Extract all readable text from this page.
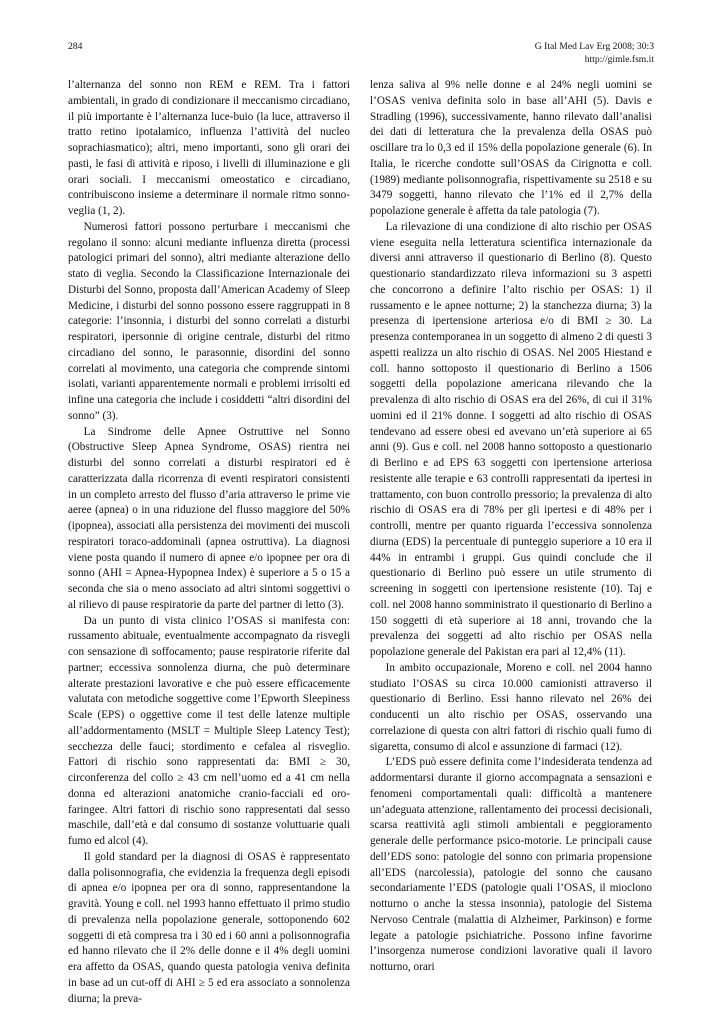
284	G Ital Med Lav Erg 2008; 30:3
http://gimle.fsm.it

l’alternanza del sonno non REM e REM. Tra i fattori ambientali, in grado di condizionare il meccanismo circadiano, il più importante è l’alternanza luce-buio (la luce, attraverso il tratto retino ipotalamico, influenza l’attività del nucleo soprachiasmatico); altri, meno importanti, sono gli orari dei pasti, le fasi di attività e riposo, i livelli di illuminazione e gli orari sociali. I meccanismi omeostatico e circadiano, contribuiscono insieme a determinare il normale ritmo sonno-veglia (1, 2).

Numerosi fattori possono perturbare i meccanismi che regolano il sonno: alcuni mediante influenza diretta (processi patologici primari del sonno), altri mediante alterazione dello stato di veglia. Secondo la Classificazione Internazionale dei Disturbi del Sonno, proposta dall’American Academy of Sleep Medicine, i disturbi del sonno possono essere raggruppati in 8 categorie: l’insonnia, i disturbi del sonno correlati a disturbi respiratori, ipersonnie di origine centrale, disturbi del ritmo circadiano del sonno, le parasonnie, disordini del sonno correlati al movimento, una categoria che comprende sintomi isolati, varianti apparentemente normali e problemi irrisolti ed infine una categoria che include i cosiddetti “altri disordini del sonno” (3).

La Sindrome delle Apnee Ostruttive nel Sonno (Obstructive Sleep Apnea Syndrome, OSAS) rientra nei disturbi del sonno correlati a disturbi respiratori ed è caratterizzata dalla ricorrenza di eventi respiratori consistenti in un completo arresto del flusso d’aria attraverso le prime vie aeree (apnea) o in una riduzione del flusso maggiore del 50% (ipopnea), associati alla persistenza dei movimenti dei muscoli respiratori toraco-addominali (apnea ostruttiva). La diagnosi viene posta quando il numero di apnee e/o ipopnee per ora di sonno (AHI = Apnea-Hypopnea Index) è superiore a 5 o 15 a seconda che sia o meno associato ad altri sintomi soggettivi o al rilievo di pause respiratorie da parte del partner di letto (3).

Da un punto di vista clinico l’OSAS si manifesta con: russamento abituale, eventualmente accompagnato da risvegli con sensazione di soffocamento; pause respiratorie riferite dal partner; eccessiva sonnolenza diurna, che può determinare alterate prestazioni lavorative e che può essere efficacemente valutata con metodiche soggettive come l’Epworth Sleepiness Scale (EPS) o oggettive come il test delle latenze multiple all’addormentamento (MSLT = Multiple Sleep Latency Test); secchezza delle fauci; stordimento e cefalea al risveglio. Fattori di rischio sono rappresentati da: BMI ≥ 30, circonferenza del collo ≥ 43 cm nell’uomo ed a 41 cm nella donna ed alterazioni anatomiche cranio-facciali ed oro-faringee. Altri fattori di rischio sono rappresentati dal sesso maschile, dall’età e dal consumo di sostanze voluttuarie quali fumo ed alcol (4).

Il gold standard per la diagnosi di OSAS è rappresentato dalla polisonnografia, che evidenzia la frequenza degli episodi di apnea e/o ipopnea per ora di sonno, rappresentandone la gravità. Young e coll. nel 1993 hanno effettuato il primo studio di prevalenza nella popolazione generale, sottoponendo 602 soggetti di età compresa tra i 30 ed i 60 anni a polisonnografia ed hanno rilevato che il 2% delle donne e il 4% degli uomini era affetto da OSAS, quando questa patologia veniva definita in base ad un cut-off di AHI ≥ 5 ed era associato a sonnolenza diurna; la preva-

lenza saliva al 9% nelle donne e al 24% negli uomini se l’OSAS veniva definita solo in base all’AHI (5). Davis e Stradling (1996), successivamente, hanno rilevato dall’analisi dei dati di letteratura che la prevalenza della OSAS può oscillare tra lo 0,3 ed il 15% della popolazione generale (6). In Italia, le ricerche condotte sull’OSAS da Cirignotta e coll. (1989) mediante polisonnografia, rispettivamente su 2518 e su 3479 soggetti, hanno rilevato che l’1% ed il 2,7% della popolazione generale è affetta da tale patologia (7).

La rilevazione di una condizione di alto rischio per OSAS viene eseguita nella letteratura scientifica internazionale da diversi anni attraverso il questionario di Berlino (8). Questo questionario standardizzato rileva informazioni su 3 aspetti che concorrono a definire l’alto rischio per OSAS: 1) il russamento e le apnee notturne; 2) la stanchezza diurna; 3) la presenza di ipertensione arteriosa e/o di BMI ≥ 30. La presenza contemporanea in un soggetto di almeno 2 di questi 3 aspetti realizza un alto rischio di OSAS. Nel 2005 Hiestand e coll. hanno sottoposto il questionario di Berlino a 1506 soggetti della popolazione americana rilevando che la prevalenza di alto rischio di OSAS era del 26%, di cui il 31% uomini ed il 21% donne. I soggetti ad alto rischio di OSAS tendevano ad essere obesi ed avevano un’età superiore ai 65 anni (9). Gus e coll. nel 2008 hanno sottoposto a questionario di Berlino e ad EPS 63 soggetti con ipertensione arteriosa resistente alle terapie e 63 controlli rappresentati da ipertesi in trattamento, con buon controllo pressorio; la prevalenza di alto rischio di OSAS era di 78% per gli ipertesi e di 48% per i controlli, mentre per quanto riguarda l’eccessiva sonnolenza diurna (EDS) la percentuale di punteggio superiore a 10 era il 44% in entrambi i gruppi. Gus quindi conclude che il questionario di Berlino può essere un utile strumento di screening in soggetti con ipertensione resistente (10). Taj e coll. nel 2008 hanno somministrato il questionario di Berlino a 150 soggetti di età superiore ai 18 anni, trovando che la prevalenza dei soggetti ad alto rischio per OSAS nella popolazione generale del Pakistan era pari al 12,4% (11).

In ambito occupazionale, Moreno e coll. nel 2004 hanno studiato l’OSAS su circa 10.000 camionisti attraverso il questionario di Berlino. Essi hanno rilevato nel 26% dei conducenti un alto rischio per OSAS, osservando una correlazione di questa con altri fattori di rischio quali fumo di sigaretta, consumo di alcol e assunzione di farmaci (12).

L’EDS può essere definita come l’indesiderata tendenza ad addormentarsi durante il giorno accompagnata a sensazioni e fenomeni comportamentali quali: difficoltà a mantenere un’adeguata attenzione, rallentamento dei processi decisionali, scarsa reattività agli stimoli ambientali e peggioramento generale delle performance psico-motorie. Le principali cause dell’EDS sono: patologie del sonno con primaria propensione all’EDS (narcolessia), patologie del sonno che causano secondariamente l’EDS (patologie quali l’OSAS, il mioclono notturno o anche la stessa insonnia), patologie del Sistema Nervoso Centrale (malattia di Alzheimer, Parkinson) e forme legate a patologie psichiatriche. Possono infine favorirne l’insorgenza numerose condizioni lavorative quali il lavoro notturno, orari
